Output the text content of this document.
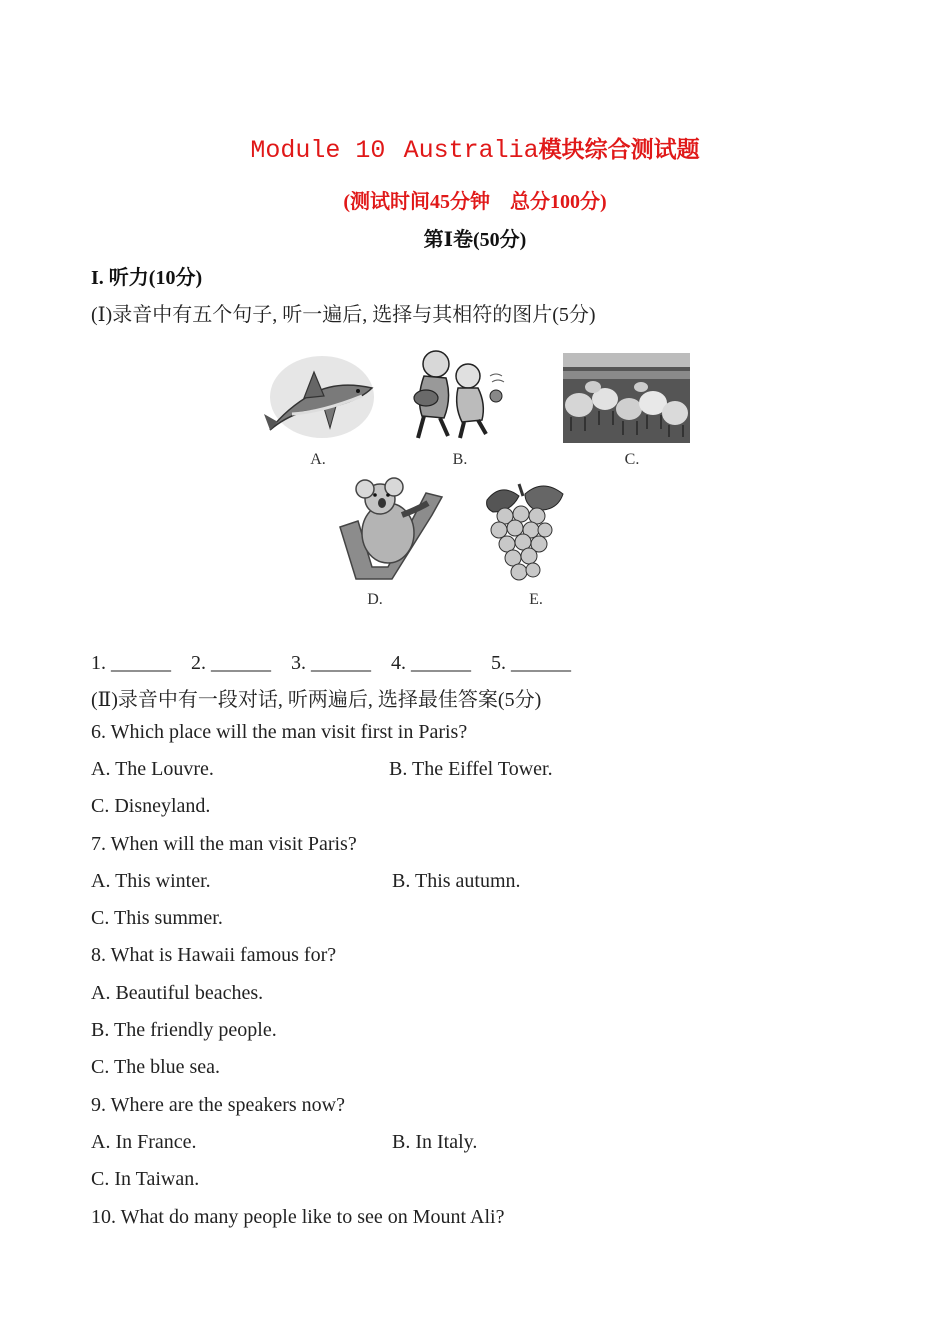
Module 10 Australia模块综合测试题
(测试时间45分钟　总分100分)
第Ⅰ卷(50分)
I. 听力(10分)
(Ⅰ)录音中有五个句子, 听一遍后, 选择与其相符的图片(5分)
A.	B.	C.
D.	E.
1. ______　2. ______　3. ______　4. ______　5. ______
(Ⅱ)录音中有一段对话, 听两遍后, 选择最佳答案(5分)
6. Which place will the man visit first in Paris?
A. The Louvre.	B. The Eiffel Tower.
C. Disneyland.
7. When will the man visit Paris?
A. This winter.	B. This autumn.
C. This summer.
8. What is Hawaii famous for?
A. Beautiful beaches.
B. The friendly people.
C. The blue sea.
9. Where are the speakers now?
A. In France.	B. In Italy.
C. In Taiwan.
10. What do many people like to see on Mount Ali?
